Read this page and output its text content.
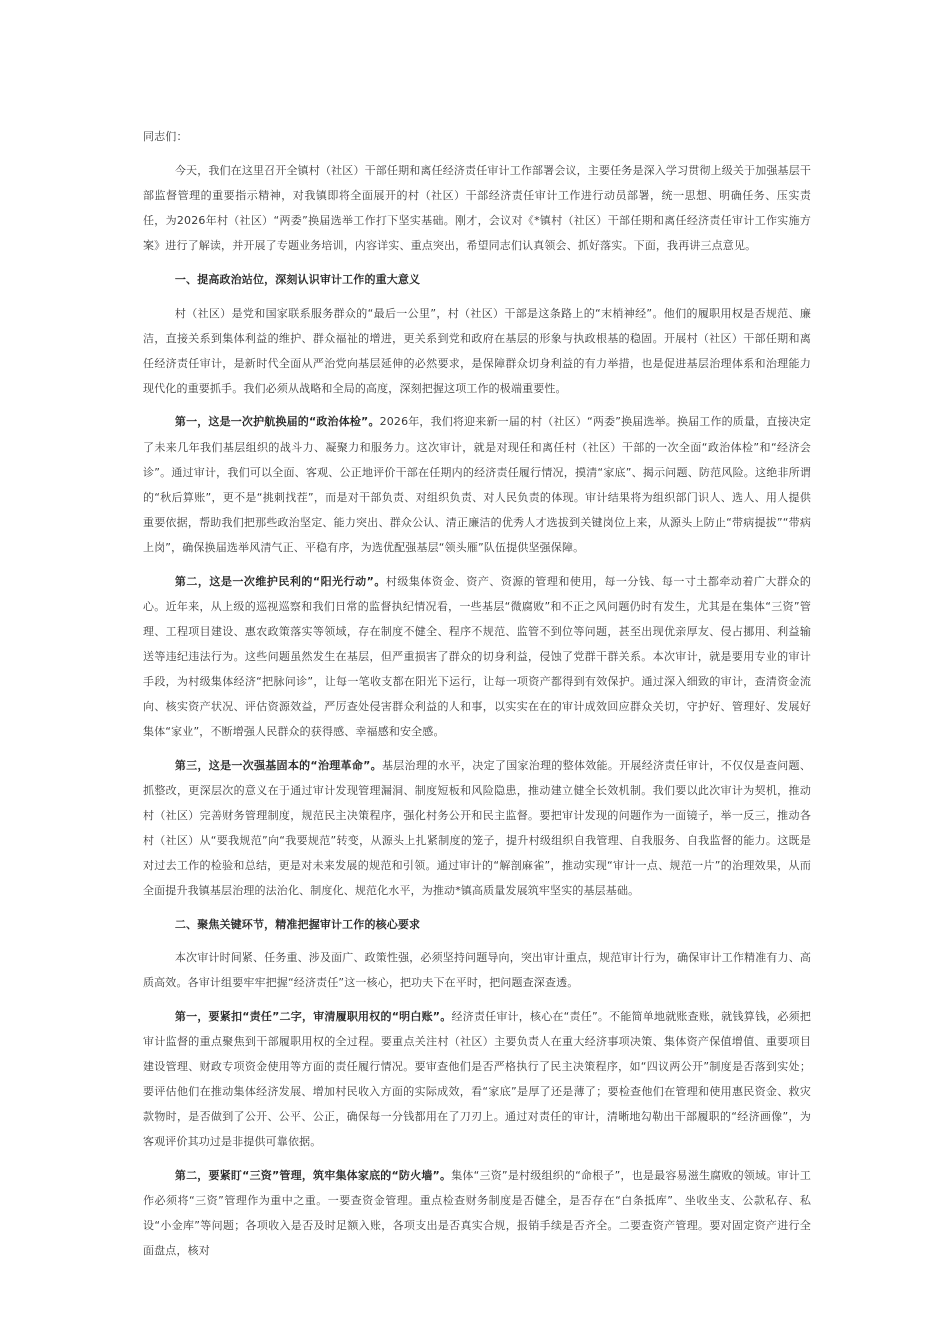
同志们：

今天，我们在这里召开全镇村（社区）干部任期和离任经济责任审计工作部署会议，主要任务是深入学习贯彻上级关于加强基层干部监督管理的重要指示精神，对我镇即将全面展开的村（社区）干部经济责任审计工作进行动员部署，统一思想、明确任务、压实责任，为2026年村（社区）“两委”换届选举工作打下坚实基础。刚才，会议对《*镇村（社区）干部任期和离任经济责任审计工作实施方案》进行了解读，并开展了专题业务培训，内容详实、重点突出，希望同志们认真领会、抓好落实。下面，我再讲三点意见。

一、提高政治站位，深刻认识审计工作的重大意义

村（社区）是党和国家联系服务群众的“最后一公里”，村（社区）干部是这条路上的“末梢神经”。他们的履职用权是否规范、廉洁，直接关系到集体利益的维护、群众福祉的增进，更关系到党和政府在基层的形象与执政根基的稳固。开展村（社区）干部任期和离任经济责任审计，是新时代全面从严治党向基层延伸的必然要求，是保障群众切身利益的有力举措，也是促进基层治理体系和治理能力现代化的重要抓手。我们必须从战略和全局的高度，深刻把握这项工作的极端重要性。

第一，这是一次护航换届的“政治体检”。2026年，我们将迎来新一届的村（社区）“两委”换届选举。换届工作的质量，直接决定了未来几年我们基层组织的战斗力、凝聚力和服务力。这次审计，就是对现任和离任村（社区）干部的一次全面“政治体检”和“经济会诊”。通过审计，我们可以全面、客观、公正地评价干部在任期内的经济责任履行情况，摸清“家底”、揭示问题、防范风险。这绝非所谓的“秋后算账”，更不是“挑刺找茬”，而是对干部负责、对组织负责、对人民负责的体现。审计结果将为组织部门识人、选人、用人提供重要依据，帮助我们把那些政治坚定、能力突出、群众公认、清正廉洁的优秀人才选拔到关键岗位上来，从源头上防止“带病提拔”“带病上岗”，确保换届选举风清气正、平稳有序，为选优配强基层“领头雁”队伍提供坚强保障。

第二，这是一次维护民利的“阳光行动”。村级集体资金、资产、资源的管理和使用，每一分钱、每一寸土都牵动着广大群众的心。近年来，从上级的巡视巡察和我们日常的监督执纪情况看，一些基层“微腐败”和不正之风问题仍时有发生，尤其是在集体“三资”管理、工程项目建设、惠农政策落实等领域，存在制度不健全、程序不规范、监管不到位等问题，甚至出现优亲厚友、侵占挪用、利益输送等违纪违法行为。这些问题虽然发生在基层，但严重损害了群众的切身利益，侵蚀了党群干群关系。本次审计，就是要用专业的审计手段，为村级集体经济“把脉问诊”，让每一笔收支都在阳光下运行，让每一项资产都得到有效保护。通过深入细致的审计，查清资金流向、核实资产状况、评估资源效益，严厉查处侵害群众利益的人和事，以实实在在的审计成效回应群众关切，守护好、管理好、发展好集体“家业”，不断增强人民群众的获得感、幸福感和安全感。

第三，这是一次强基固本的“治理革命”。基层治理的水平，决定了国家治理的整体效能。开展经济责任审计，不仅仅是查问题、抓整改，更深层次的意义在于通过审计发现管理漏洞、制度短板和风险隐患，推动建立健全长效机制。我们要以此次审计为契机，推动村（社区）完善财务管理制度，规范民主决策程序，强化村务公开和民主监督。要把审计发现的问题作为一面镜子，举一反三，推动各村（社区）从“要我规范”向“我要规范”转变，从源头上扎紧制度的笼子，提升村级组织自我管理、自我服务、自我监督的能力。这既是对过去工作的检验和总结，更是对未来发展的规范和引领。通过审计的“解剖麻雀”，推动实现“审计一点、规范一片”的治理效果，从而全面提升我镇基层治理的法治化、制度化、规范化水平，为推动*镇高质量发展筑牢坚实的基层基础。

二、聚焦关键环节，精准把握审计工作的核心要求

本次审计时间紧、任务重、涉及面广、政策性强，必须坚持问题导向，突出审计重点，规范审计行为，确保审计工作精准有力、高质高效。各审计组要牢牢把握“经济责任”这一核心，把功夫下在平时，把问题查深查透。

第一，要紧扣“责任”二字，审清履职用权的“明白账”。经济责任审计，核心在“责任”。不能简单地就账查账，就钱算钱，必须把审计监督的重点聚焦到干部履职用权的全过程。要重点关注村（社区）主要负责人在重大经济事项决策、集体资产保值增值、重要项目建设管理、财政专项资金使用等方面的责任履行情况。要审查他们是否严格执行了民主决策程序，如“四议两公开”制度是否落到实处；要评估他们在推动集体经济发展、增加村民收入方面的实际成效，看“家底”是厚了还是薄了；要检查他们在管理和使用惠民资金、救灾款物时，是否做到了公开、公平、公正，确保每一分钱都用在了刀刃上。通过对责任的审计，清晰地勾勒出干部履职的“经济画像”，为客观评价其功过是非提供可靠依据。

第二，要紧盯“三资”管理，筑牢集体家底的“防火墙”。集体“三资”是村级组织的“命根子”，也是最容易滋生腐败的领域。审计工作必须将“三资”管理作为重中之重。一要查资金管理。重点检查财务制度是否健全，是否存在“白条抵库”、坐收坐支、公款私存、私设“小金库”等问题；各项收入是否及时足额入账，各项支出是否真实合规，报销手续是否齐全。二要查资产管理。要对固定资产进行全面盘点，核对
